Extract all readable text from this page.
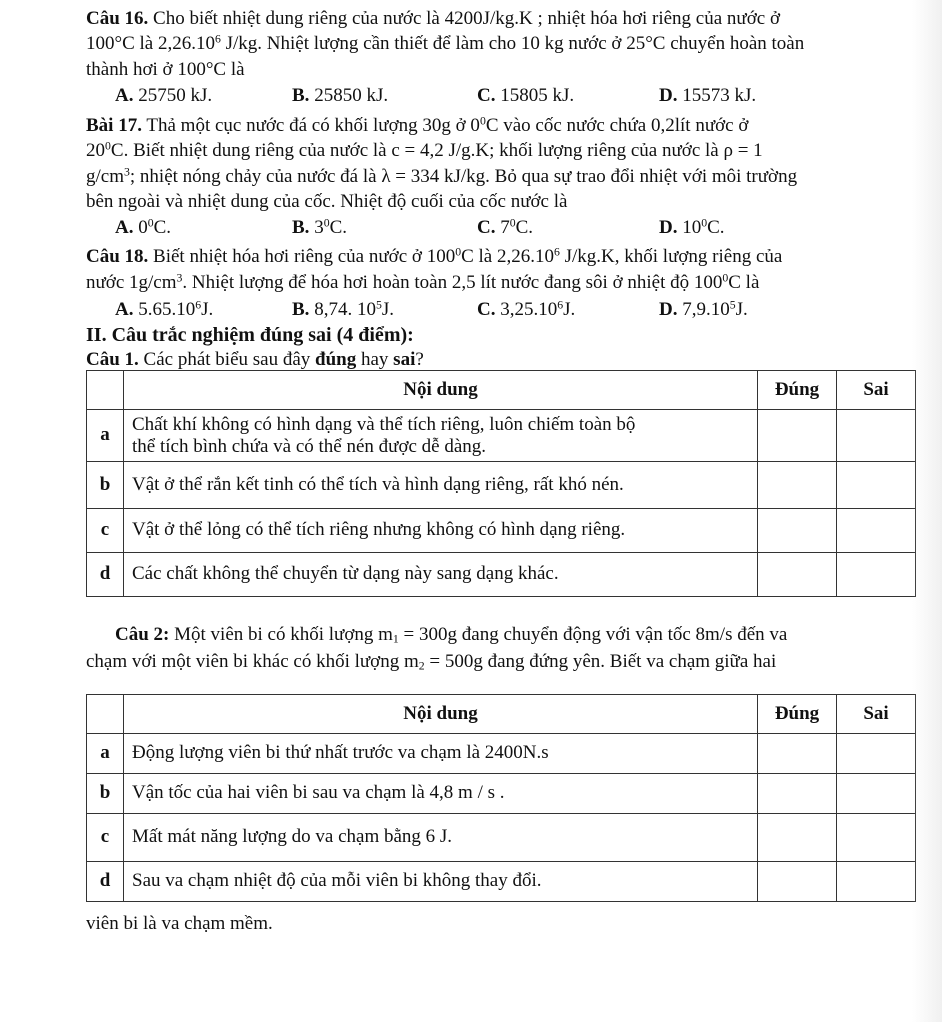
Câu 16. Cho biết nhiệt dung riêng của nước là 4200J/kg.K ; nhiệt hóa hơi riêng của nước ở
100°C là 2,26.10$^6$ J/kg. Nhiệt lượng cần thiết để làm cho 10 kg nước ở 25°C chuyển hoàn toàn
thành hơi ở 100°C là
A. 25750 kJ.	B. 25850 kJ.	C. 15805 kJ.	D. 15573 kJ.
Bài 17. Thả một cục nước đá có khối lượng 30g ở $0^0C$ vào cốc nước chứa 0,2lít nước ở
$20^0C$. Biết nhiệt dung riêng của nước là c = 4,2 J/g.K; khối lượng riêng của nước là ρ = 1
$g/cm^3$; nhiệt nóng chảy của nước đá là λ = 334 kJ/kg. Bỏ qua sự trao đổi nhiệt với môi trường
bên ngoài và nhiệt dung của cốc. Nhiệt độ cuối của cốc nước là
A. $0^0C$.	B. $3^0C$.	C. $7^0C$.	D. $10^0C$.
Câu 18. Biết nhiệt hóa hơi riêng của nước ở $100^0C$ là 2,26.10$^6$ J/kg.K, khối lượng riêng của
nước $1g/cm^3$. Nhiệt lượng để hóa hơi hoàn toàn 2,5 lít nước đang sôi ở nhiệt độ $100^0C$ là
A. 5.65.10$^6$J.	B. 8,74. $10^5J$.	C. 3,25.10$^6$J.	D. 7,9.10$^5$J.
II. Câu trắc nghiệm đúng sai (4 điểm):
Câu 1. Các phát biểu sau đây đúng hay sai?
	Nội dung	Đúng	Sai
a	Chất khí không có hình dạng và thể tích riêng, luôn chiếm toàn bộ
thể tích bình chứa và có thể nén được dễ dàng.		

b	Vật ở thể rắn kết tinh có thể tích và hình dạng riêng, rất khó nén.		
c	Vật ở thể lỏng có thể tích riêng nhưng không có hình dạng riêng.		
d	Các chất không thể chuyển từ dạng này sang dạng khác.		
Câu 2: Một viên bi có khối lượng $m_1 = 300g$ đang chuyển động với vận tốc 8m/s đến va
chạm với một viên bi khác có khối lượng $m_2 = 500g$ đang đứng yên. Biết va chạm giữa hai
	Nội dung	Đúng	Sai
a	Động lượng viên bi thứ nhất trước va chạm là 2400N.s		
b	Vận tốc của hai viên bi sau va chạm là 4,8 m / s .		
c	Mất mát năng lượng do va chạm bằng 6 J.		
d	Sau va chạm nhiệt độ của mỗi viên bi không thay đổi.		
viên bi là va chạm mềm.
